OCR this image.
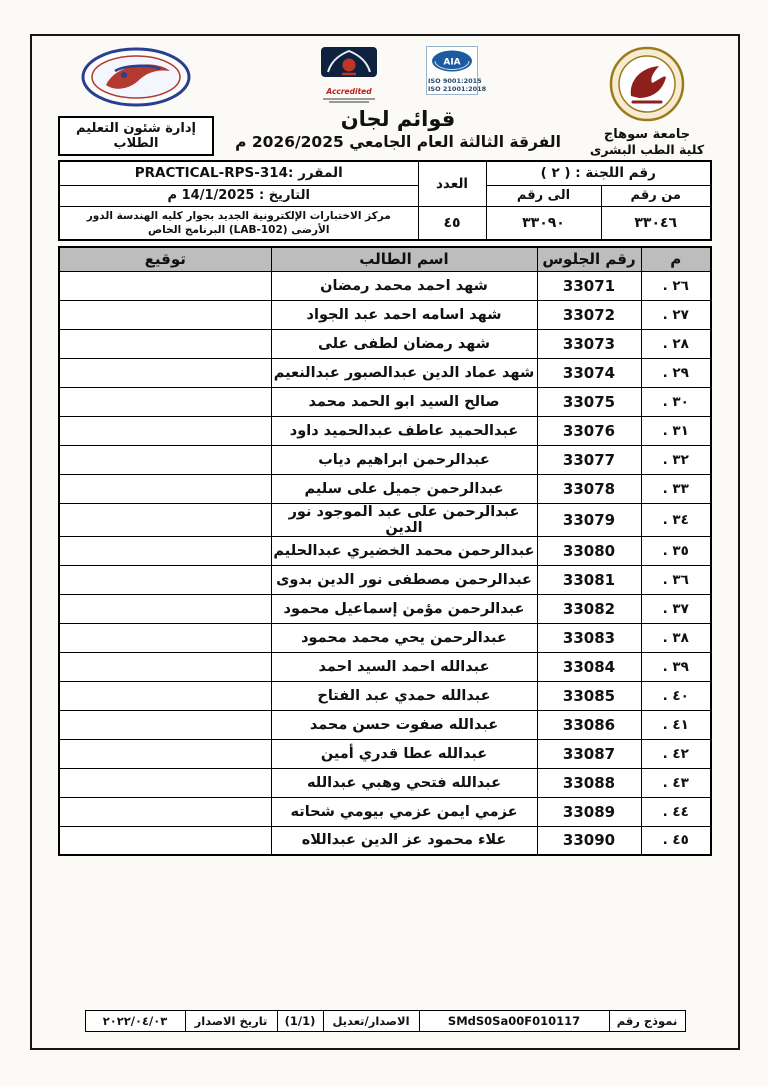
جامعة سوهاج
كلية الطب البشرى
Accredited
AIA
ISO 9001:2015
ISO 21001:2018
قوائم لجان
الفرقة الثالثة العام الجامعي 2026/2025 م
إدارة شئون التعليم الطلاب
رقم اللجنة : ( ٢ )		العدد	المقرر :PRACTICAL-RPS-314
من رقم	الى رقم		التاريخ : 14/1/2025 م
٣٣٠٤٦	٣٣٠٩٠	٤٥	مركز الاختبارات الإلكترونية الجديد بجوار كليه الهندسة الدور الأرضى (LAB-102) البرنامج الخاص
م	رقم الجلوس	اسم الطالب	توقيع
٢٦ .	33071	شهد احمد محمد رمضان	
٢٧ .	33072	شهد اسامه احمد عبد الجواد	
٢٨ .	33073	شهد رمضان لطفى على	
٢٩ .	33074	شهد عماد الدين عبدالصبور عبدالنعيم	
٣٠ .	33075	صالح السيد ابو الحمد محمد	
٣١ .	33076	عبدالحميد عاطف عبدالحميد داود	
٣٢ .	33077	عبدالرحمن ابراهيم دياب	
٣٣ .	33078	عبدالرحمن جميل على سليم	
٣٤ .	33079	عبدالرحمن على عبد الموجود نور الدين	
٣٥ .	33080	عبدالرحمن محمد الخضيري عبدالحليم	
٣٦ .	33081	عبدالرحمن مصطفى نور الدين بدوى	
٣٧ .	33082	عبدالرحمن مؤمن إسماعيل محمود	
٣٨ .	33083	عبدالرحمن يحي محمد محمود	
٣٩ .	33084	عبدالله احمد السيد احمد	
٤٠ .	33085	عبدالله حمدي عبد الفتاح	
٤١ .	33086	عبدالله صفوت حسن محمد	
٤٢ .	33087	عبدالله عطا قدري أمين	
٤٣ .	33088	عبدالله فتحي وهبي عبدالله	
٤٤ .	33089	عزمي ايمن عزمي بيومي شحاته	
٤٥ .	33090	علاء محمود عز الدين عبداللاه	
نموذج رقم	SMdS0Sa00F010117	الاصدار/تعديل	(1/1)	تاريخ الاصدار	٢٠٢٢/٠٤/٠٣
